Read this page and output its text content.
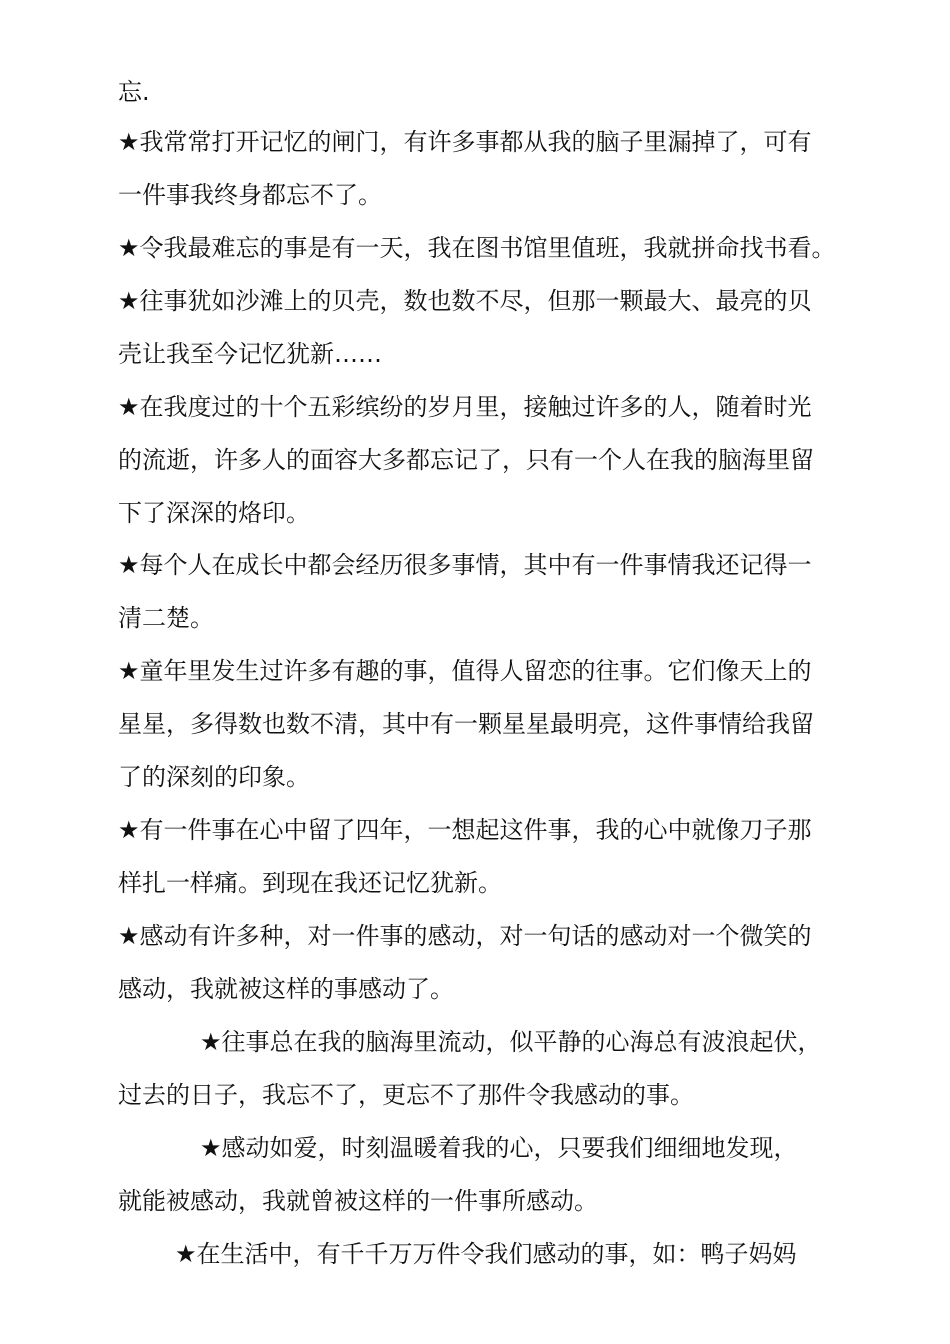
忘.
★我常常打开记忆的闸门，有许多事都从我的脑子里漏掉了，可有
一件事我终身都忘不了。
★令我最难忘的事是有一天，我在图书馆里值班，我就拼命找书看。
★往事犹如沙滩上的贝壳，数也数不尽，但那一颗最大、最亮的贝
壳让我至今记忆犹新……
★在我度过的十个五彩缤纷的岁月里，接触过许多的人，随着时光
的流逝，许多人的面容大多都忘记了，只有一个人在我的脑海里留
下了深深的烙印。
★每个人在成长中都会经历很多事情，其中有一件事情我还记得一
清二楚。
★童年里发生过许多有趣的事，值得人留恋的往事。它们像天上的
星星，多得数也数不清，其中有一颗星星最明亮，这件事情给我留
了的深刻的印象。
★有一件事在心中留了四年，一想起这件事，我的心中就像刀子那
样扎一样痛。到现在我还记忆犹新。
★感动有许多种，对一件事的感动，对一句话的感动对一个微笑的
感动，我就被这样的事感动了。
★往事总在我的脑海里流动，似平静的心海总有波浪起伏，
过去的日子，我忘不了，更忘不了那件令我感动的事。
★感动如爱，时刻温暖着我的心，只要我们细细地发现，
就能被感动，我就曾被这样的一件事所感动。
★在生活中，有千千万万件令我们感动的事，如：鸭子妈妈
